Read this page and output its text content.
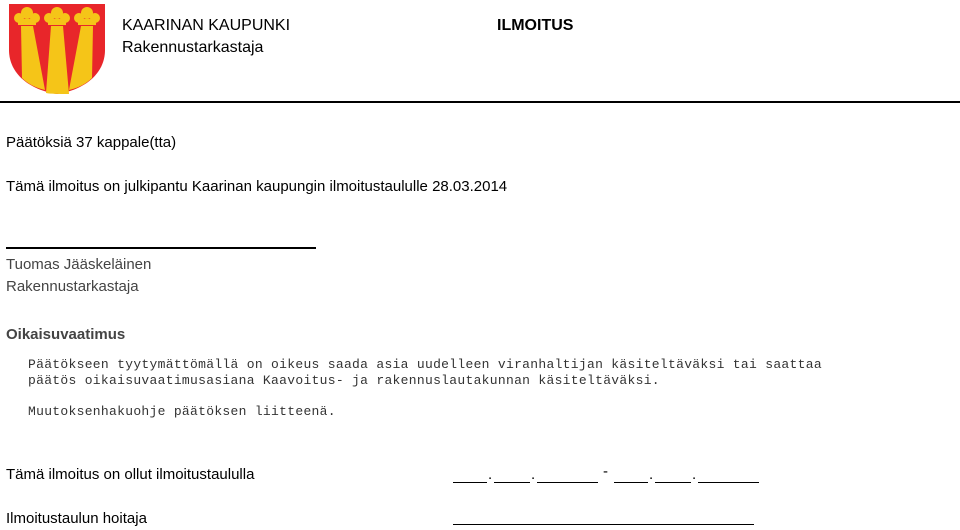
KAARINAN KAUPUNKI
Rakennustarkastaja
ILMOITUS
Päätöksiä 37 kappale(tta)
Tämä ilmoitus on julkipantu Kaarinan kaupungin ilmoitustaululle 28.03.2014
Tuomas Jääskeläinen
Rakennustarkastaja
Oikaisuvaatimus
Päätökseen tyytymättömällä on oikeus saada asia uudelleen viranhaltijan käsiteltäväksi tai saattaa
päätös oikaisuvaatimusasiana Kaavoitus- ja rakennuslautakunnan käsiteltäväksi.
Muutoksenhakuohje päätöksen liitteenä.
Tämä ilmoitus on ollut ilmoitustaululla	.	.	-	.	.
Ilmoitustaulun hoitaja
